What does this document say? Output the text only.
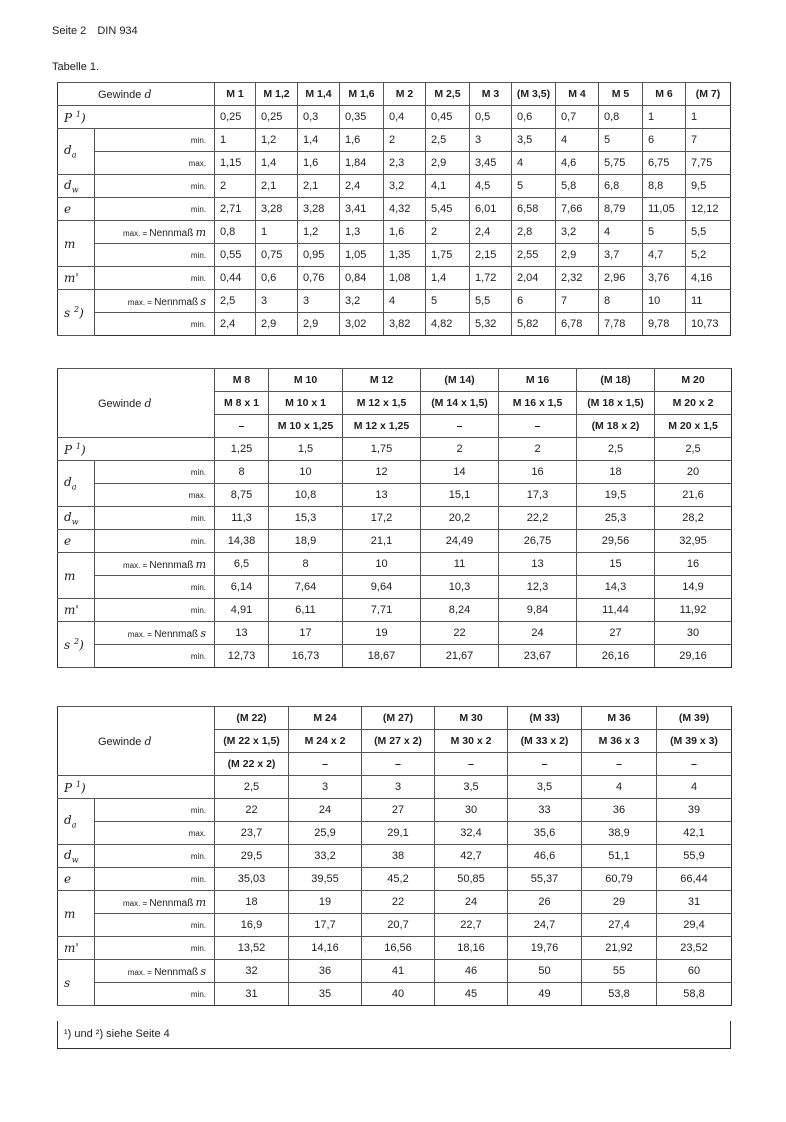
Seite 2 DIN 934
Tabelle 1.
Gewinde d		M 1	M 1,2	M 1,4	M 1,6	M 2	M 2,5	M 3	(M 3,5)	M 4	M 5	M 6	(M 7)
P $^1$)		0,25	0,25	0,3	0,35	0,4	0,45	0,5	0,6	0,7	0,8	1	1
$d_a$	min.	1	1,2	1,4	1,6	2	2,5	3	3,5	4	5	6	7
	max.	1,15	1,4	1,6	1,84	2,3	2,9	3,45	4	4,6	5,75	6,75	7,75
$d_w$	min.	2	2,1	2,1	2,4	3,2	4,1	4,5	5	5,8	6,8	8,8	9,5
e	min.	2,71	3,28	3,28	3,41	4,32	5,45	6,01	6,58	7,66	8,79	11,05	12,12
m	max. = Nennmaß m	0,8	1	1,2	1,3	1,6	2	2,4	2,8	3,2	4	5	5,5
	min.	0,55	0,75	0,95	1,05	1,35	1,75	2,15	2,55	2,9	3,7	4,7	5,2
m'	min.	0,44	0,6	0,76	0,84	1,08	1,4	1,72	2,04	2,32	2,96	3,76	4,16
s $^2$)	max. = Nennmaß s	2,5	3	3	3,2	4	5	5,5	6	7	8	10	11
	min.	2,4	2,9	2,9	3,02	3,82	4,82	5,32	5,82	6,78	7,78	9,78	10,73
Gewinde d		M 8	M 10	M 12	(M 14)	M 16	(M 18)	M 20
		M 8 x 1	M 10 x 1	M 12 x 1,5	(M 14 x 1,5)	M 16 x 1,5	(M 18 x 1,5)	M 20 x 2
		–	M 10 x 1,25	M 12 x 1,25	–	–	(M 18 x 2)	M 20 x 1,5
P $^1$)		1,25	1,5	1,75	2	2	2,5	2,5
$d_a$	min.	8	10	12	14	16	18	20
	max.	8,75	10,8	13	15,1	17,3	19,5	21,6
$d_w$	min.	11,3	15,3	17,2	20,2	22,2	25,3	28,2
e	min.	14,38	18,9	21,1	24,49	26,75	29,56	32,95
m	max. = Nennmaß m	6,5	8	10	11	13	15	16
	min.	6,14	7,64	9,64	10,3	12,3	14,3	14,9
m'	min.	4,91	6,11	7,71	8,24	9,84	11,44	11,92
s $^2$)	max. = Nennmaß s	13	17	19	22	24	27	30
	min.	12,73	16,73	18,67	21,67	23,67	26,16	29,16
Gewinde d		(M 22)	M 24	(M 27)	M 30	(M 33)	M 36	(M 39)
		(M 22 x 1,5)	M 24 x 2	(M 27 x 2)	M 30 x 2	(M 33 x 2)	M 36 x 3	(M 39 x 3)
		(M 22 x 2)	–	–	–	–	–	–
P $^1$)		2,5	3	3	3,5	3,5	4	4
$d_a$	min.	22	24	27	30	33	36	39
	max.	23,7	25,9	29,1	32,4	35,6	38,9	42,1
$d_w$	min.	29,5	33,2	38	42,7	46,6	51,1	55,9
e	min.	35,03	39,55	45,2	50,85	55,37	60,79	66,44
m	max. = Nennmaß m	18	19	22	24	26	29	31
	min.	16,9	17,7	20,7	22,7	24,7	27,4	29,4
m'	min.	13,52	14,16	16,56	18,16	19,76	21,92	23,52
s	max. = Nennmaß s	32	36	41	46	50	55	60
	min.	31	35	40	45	49	53,8	58,8
¹) und ²) siehe Seite 4
